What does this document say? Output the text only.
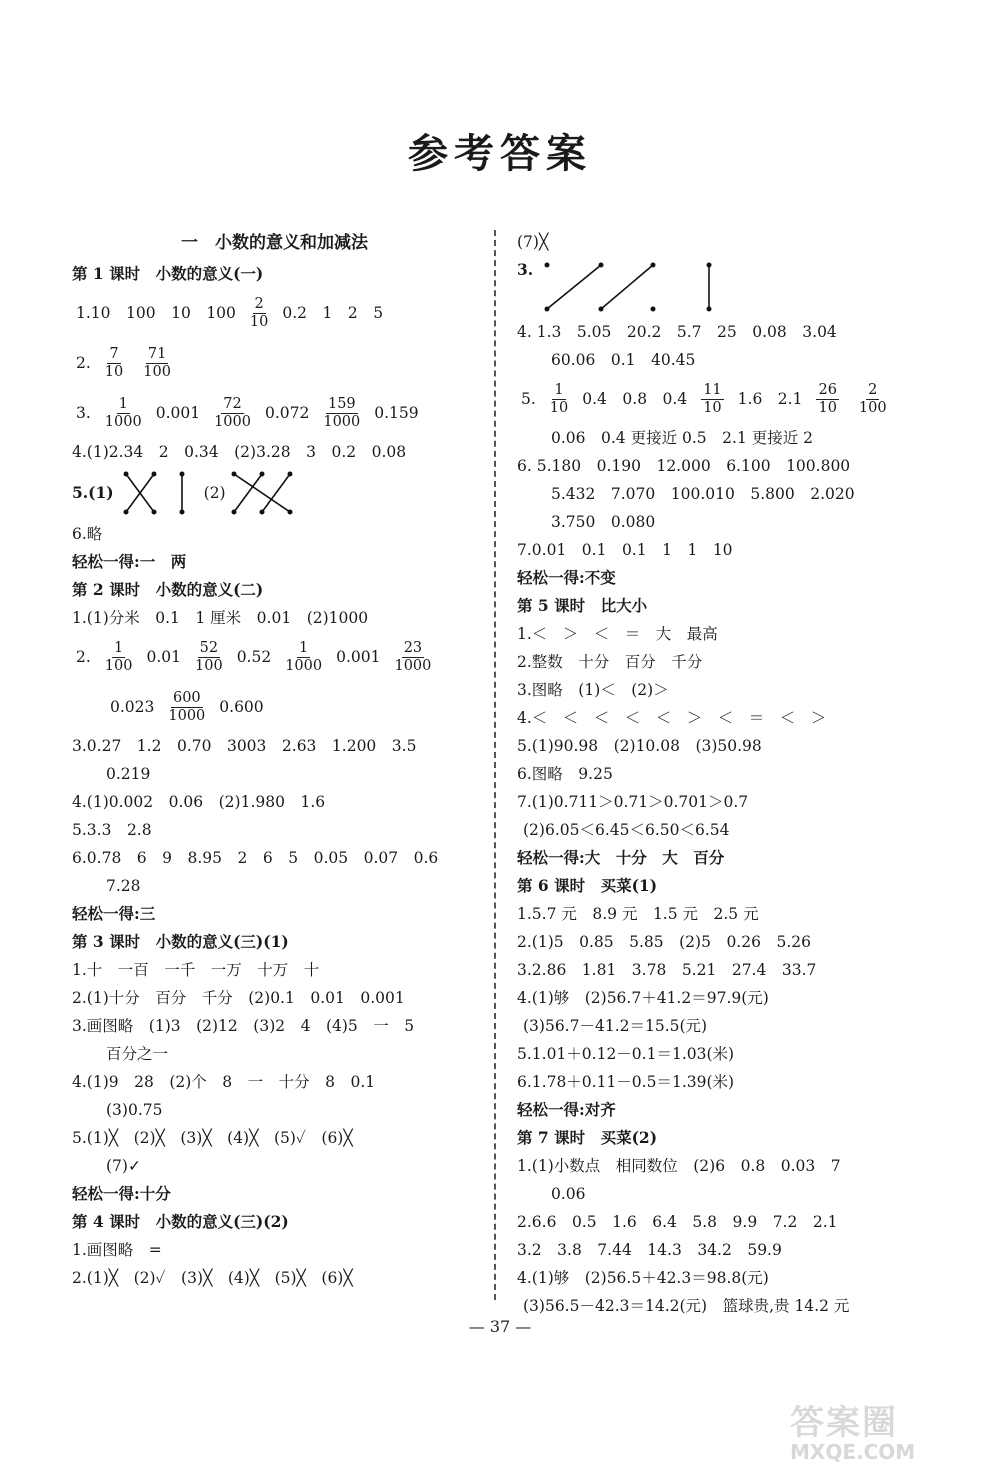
参考答案
一　小数的意义和加减法
第 1 课时　小数的意义(一)
1.10　100　10　$100 \frac{2}{10} 0.2$　1　2　5
2. $\frac{7}{10} \frac{71}{100}$
3. $\frac{1}{1000} 0.001 \frac{72}{1000} 0.072 \frac{159}{1000} 0.159$
4.(1)2.34　2　0.34　(2)3.28　3　0.2　0.08
5.(1)	(2)
6.略
轻松一得:一　两
第 2 课时　小数的意义(二)
1.(1)分米　0.1　1 厘米　0.01　(2)1000
2. $\frac{1}{100} 0.01 \frac{52}{100} 0.52 \frac{1}{1000} 0.001 \frac{23}{1000}$
$0.023 \frac{600}{1000} 0.600$
3.0.27　1.2　0.70　3003　2.63　1.200　3.5
0.219
4.(1)0.002　0.06　(2)1.980　1.6
5.3.3　2.8
6.0.78　6　9　8.95　2　6　5　0.05　0.07　0.6
7.28
轻松一得:三
第 3 课时　小数的意义(三)(1)
1.十　一百　一千　一万　十万　十
2.(1)十分　百分　千分　(2)0.1　0.01　0.001
3.画图略　(1)3　(2)12　(3)2　4　(4)5　一　5
百分之一
4.(1)9　28　(2)个　8　一　十分　8　0.1
(3)0.75
5.(1)╳　(2)╳　(3)╳　(4)╳　(5)✓　(6)╳
(7)✓
轻松一得:十分
第 4 课时　小数的意义(三)(2)
1.画图略　=
2.(1)╳　(2)✓　(3)╳　(4)╳　(5)╳　(6)╳
(7)╳
3.
4. 1.3　5.05　20.2　5.7　25　0.08　3.04
60.06　0.1　40.45
5. $\frac{1}{10} 0.4$　0.8　$0.4 \frac{11}{10} 1.6$　$2.1 \frac{26}{10} \frac{2}{100}$
0.06　0.4 更接近 0.5　2.1 更接近 2
6. 5.180　0.190　12.000　6.100　100.800
5.432　7.070　100.010　5.800　2.020
3.750　0.080
7.0.01　0.1　0.1　1　1　10
轻松一得:不变
第 5 课时　比大小
1.＜　＞　＜　＝　大　最高
2.整数　十分　百分　千分
3.图略　(1)＜　(2)＞
4.＜　＜　＜　＜　＜　＞　＜　＝　＜　＞
5.(1)90.98　(2)10.08　(3)50.98
6.图略　9.25
7.(1)0.711＞0.71＞0.701＞0.7
(2)6.05＜6.45＜6.50＜6.54
轻松一得:大　十分　大　百分
第 6 课时　买菜(1)
1.5.7 元　8.9 元　1.5 元　2.5 元
2.(1)5　0.85　5.85　(2)5　0.26　5.26
3.2.86　1.81　3.78　5.21　27.4　33.7
4.(1)够　(2)56.7＋41.2＝97.9(元)
(3)56.7－41.2＝15.5(元)
5.1.01＋0.12－0.1＝1.03(米)
6.1.78＋0.11－0.5＝1.39(米)
轻松一得:对齐
第 7 课时　买菜(2)
1.(1)小数点　相同数位　(2)6　0.8　0.03　7
0.06
2.6.6　0.5　1.6　6.4　5.8　9.9　7.2　2.1
3.2　3.8　7.44　14.3　34.2　59.9
4.(1)够　(2)56.5＋42.3＝98.8(元)
(3)56.5－42.3＝14.2(元)　篮球贵,贵 14.2 元
— 37 —
答案圈
MXQE.COM
